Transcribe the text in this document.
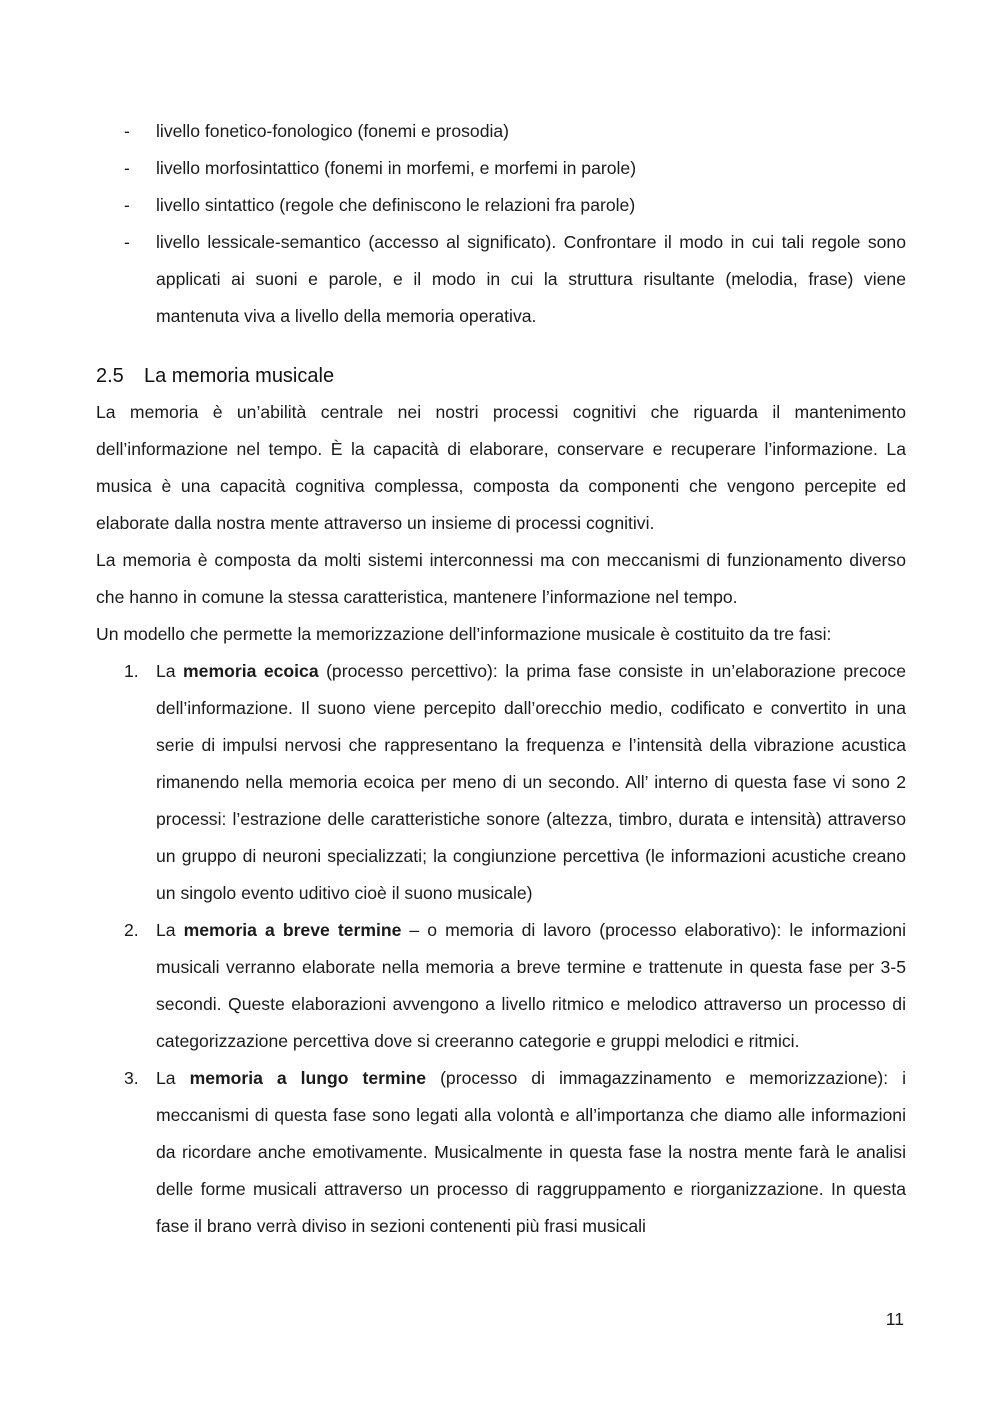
- livello fonetico-fonologico (fonemi e prosodia)
- livello morfosintattico (fonemi in morfemi, e morfemi in parole)
- livello sintattico (regole che definiscono le relazioni fra parole)
- livello lessicale-semantico (accesso al significato). Confrontare il modo in cui tali regole sono applicati ai suoni e parole, e il modo in cui la struttura risultante (melodia, frase) viene mantenuta viva a livello della memoria operativa.
2.5 La memoria musicale

La memoria è un’abilità centrale nei nostri processi cognitivi che riguarda il mantenimento dell’informazione nel tempo. È la capacità di elaborare, conservare e recuperare l’informazione. La musica è una capacità cognitiva complessa, composta da componenti che vengono percepite ed elaborate dalla nostra mente attraverso un insieme di processi cognitivi.

La memoria è composta da molti sistemi interconnessi ma con meccanismi di funzionamento diverso che hanno in comune la stessa caratteristica, mantenere l’informazione nel tempo.

Un modello che permette la memorizzazione dell’informazione musicale è costituito da tre fasi:

1. La memoria ecoica (processo percettivo): la prima fase consiste in un’elaborazione precoce dell’informazione. Il suono viene percepito dall’orecchio medio, codificato e convertito in una serie di impulsi nervosi che rappresentano la frequenza e l’intensità della vibrazione acustica rimanendo nella memoria ecoica per meno di un secondo. All’ interno di questa fase vi sono 2 processi: l’estrazione delle caratteristiche sonore (altezza, timbro, durata e intensità) attraverso un gruppo di neuroni specializzati; la congiunzione percettiva (le informazioni acustiche creano un singolo evento uditivo cioè il suono musicale)
2. La memoria a breve termine – o memoria di lavoro (processo elaborativo): le informazioni musicali verranno elaborate nella memoria a breve termine e trattenute in questa fase per 3-5 secondi. Queste elaborazioni avvengono a livello ritmico e melodico attraverso un processo di categorizzazione percettiva dove si creeranno categorie e gruppi melodici e ritmici.
3. La memoria a lungo termine (processo di immagazzinamento e memorizzazione): i meccanismi di questa fase sono legati alla volontà e all’importanza che diamo alle informazioni da ricordare anche emotivamente. Musicalmente in questa fase la nostra mente farà le analisi delle forme musicali attraverso un processo di raggruppamento e riorganizzazione. In questa fase il brano verrà diviso in sezioni contenenti più frasi musicali
11
